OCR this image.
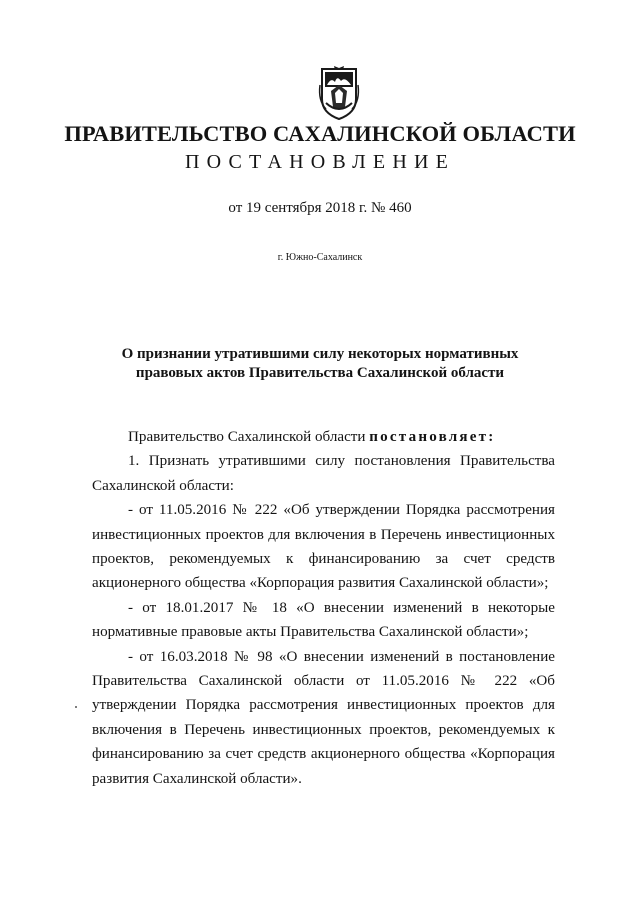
ПРАВИТЕЛЬСТВО САХАЛИНСКОЙ ОБЛАСТИ
ПОСТАНОВЛЕНИЕ
от 19 сентября 2018 г. № 460
г. Южно-Сахалинск
О признании утратившими силу некоторых нормативных
правовых актов Правительства Сахалинской области

Правительство Сахалинской области постановляет:

1. Признать утратившими силу постановления Правительства Сахалинской области:

- от 11.05.2016 № 222 «Об утверждении Порядка рассмотрения инвестиционных проектов для включения в Перечень инвестиционных проектов, рекомендуемых к финансированию за счет средств акционерного общества «Корпорация развития Сахалинской области»;

- от 18.01.2017 № 18 «О внесении изменений в некоторые нормативные правовые акты Правительства Сахалинской области»;

- от 16.03.2018 № 98 «О внесении изменений в постановление Правительства Сахалинской области от 11.05.2016 № 222 «Об утверждении Порядка рассмотрения инвестиционных проектов для включения в Перечень инвестиционных проектов, рекомендуемых к финансированию за счет средств акционерного общества «Корпорация развития Сахалинской области».
